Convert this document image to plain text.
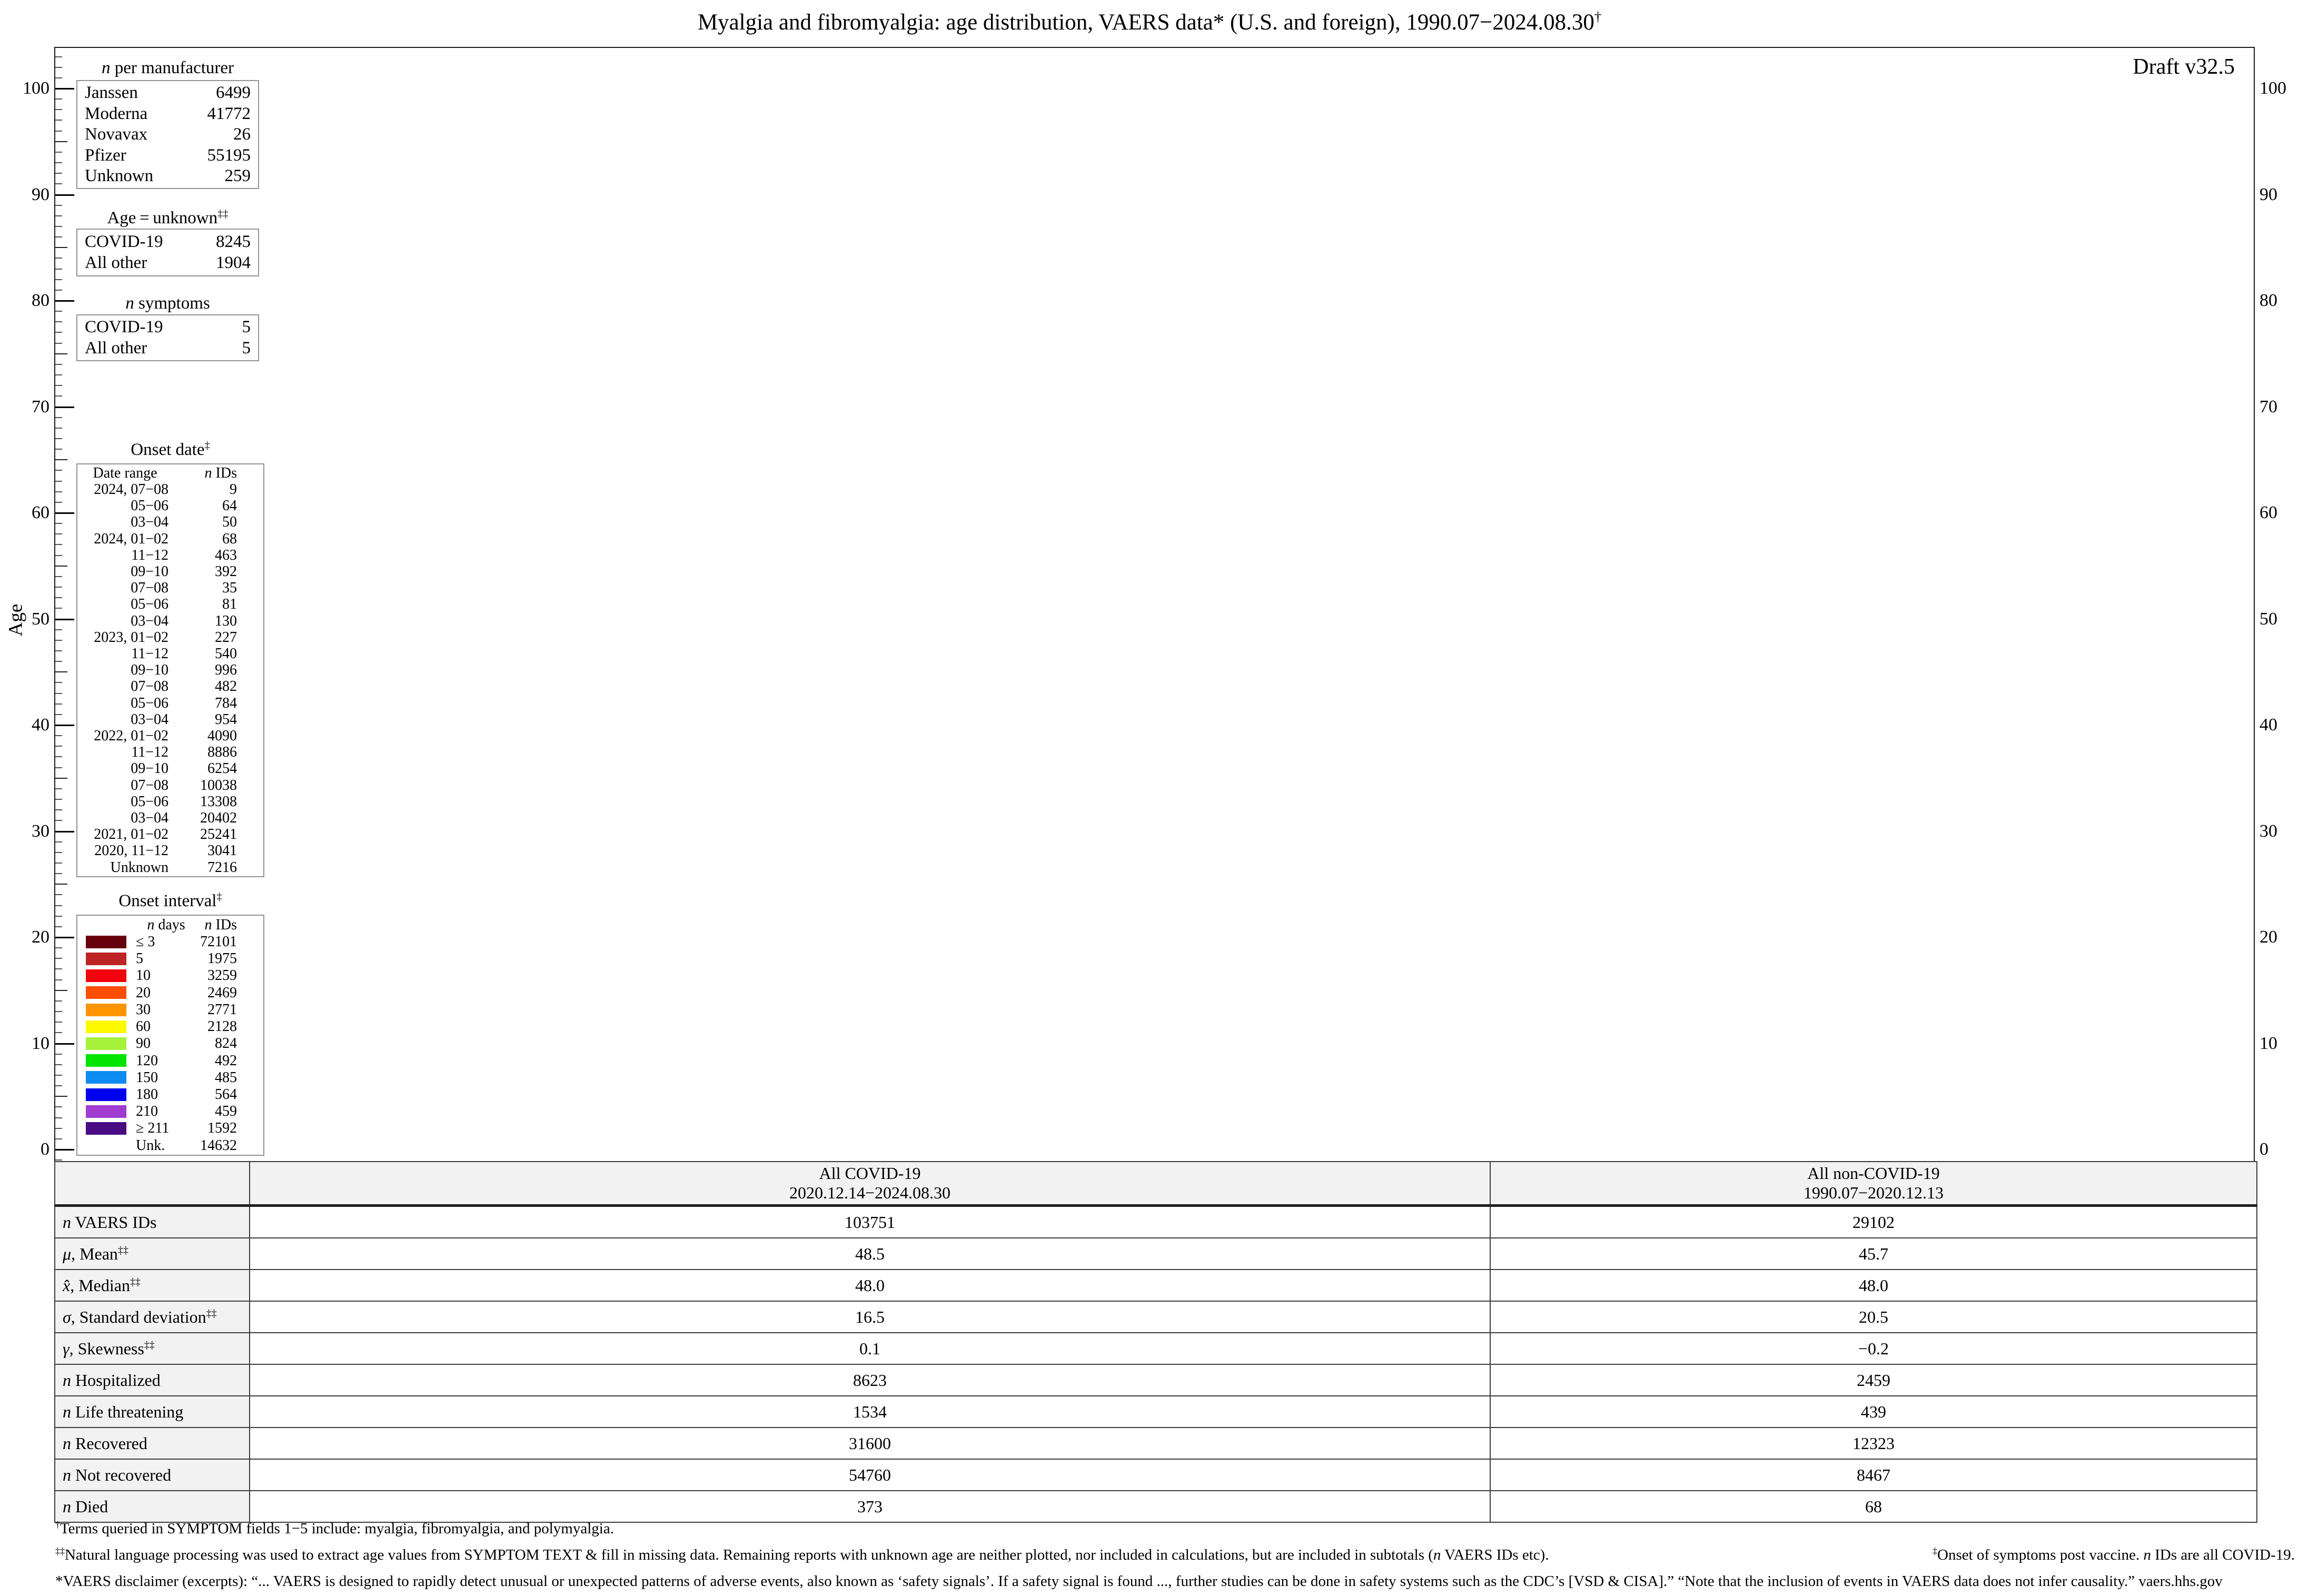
Myalgia and fibromyalgia: age distribution, VAERS data* (U.S. and foreign), 1990.07−2024.08.30†
Draft v32.5
Age
n per manufacturer
Janssen	6499
Moderna	41772
Novavax	26
Pfizer	55195
Unknown	259
Age = unknown‡‡
COVID-19	8245
All other	1904
n symptoms
COVID-19	5
All other	5
Onset date‡
Date range	n IDs
2024, 07−08	9
05−06	64
03−04	50
2024, 01−02	68
11−12	463
09−10	392
07−08	35
05−06	81
03−04	130
2023, 01−02	227
11−12	540
09−10	996
07−08	482
05−06	784
03−04	954
2022, 01−02	4090
11−12	8886
09−10	6254
07−08	10038
05−06	13308
03−04	20402
2021, 01−02	25241
2020, 11−12	3041
Unknown	7216
Onset interval‡
n days	n IDs
≤ 3	72101
5	1975
10	3259
20	2469
30	2771
60	2128
90	824
120	492
150	485
180	564
210	459
≥ 211	1592
Unk.	14632
0	0
10	10
20	20
30	30
40	40
50	50
60	60
70	70
80	80
90	90
100	100

All COVID-19
2020.12.14−2024.08.30

All non-COVID-19
1990.07−2020.12.13

n VAERS IDs	103751	29102
μ, Mean‡‡	48.5	45.7
x̂, Median‡‡	48.0	48.0
σ, Standard deviation‡‡	16.5	20.5
γ, Skewness‡‡	0.1	−0.2
n Hospitalized	8623	2459
n Life threatening	1534	439
n Recovered	31600	12323
n Not recovered	54760	8467
n Died	373	68
†Terms queried in SYMPTOM fields 1−5 include: myalgia, fibromyalgia, and polymyalgia.
‡‡Natural language processing was used to extract age values from SYMPTOM TEXT & fill in missing data. Remaining reports with unknown age are neither plotted, nor included in calculations, but are included in subtotals (n VAERS IDs etc).	‡Onset of symptoms post vaccine. n IDs are all COVID-19.
*VAERS disclaimer (excerpts): “... VAERS is designed to rapidly detect unusual or unexpected patterns of adverse events, also known as ‘safety signals’. If a safety signal is found ..., further studies can be done in safety systems such as the CDC’s [VSD & CISA].” “Note that the inclusion of events in VAERS data does not infer causality.” vaers.hhs.gov
